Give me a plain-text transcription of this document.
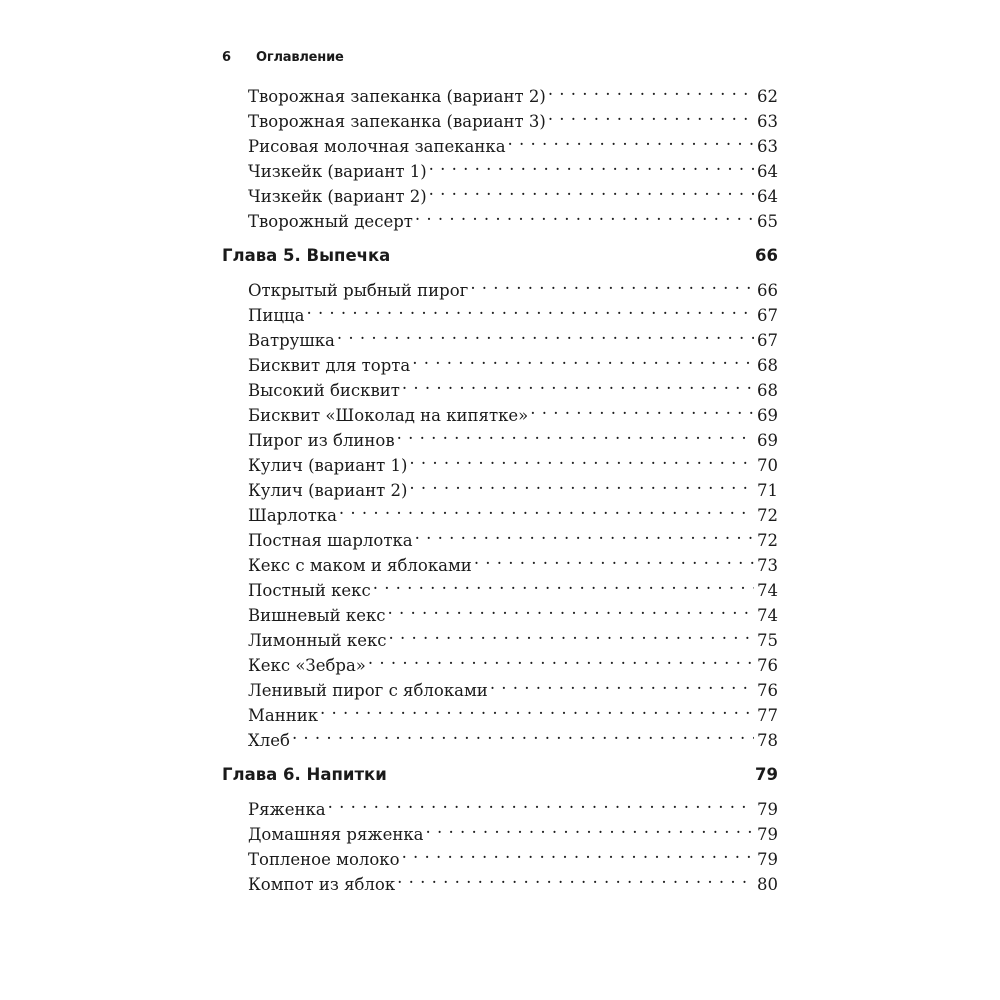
6	Оглавление
Творожная запеканка (вариант 2) . . .	62
Творожная запеканка (вариант 3) . . .	63
Рисовая молочная запеканка . . .	63
Чизкейк (вариант 1) . . .	64
Чизкейк (вариант 2) . . .	64
Творожный десерт . . .	65
Глава 5. Выпечка . . .	66
Открытый рыбный пирог . . .	66
Пицца . . .	67
Ватрушка . . .	67
Бисквит для торта . . .	68
Высокий бисквит . . .	68
Бисквит «Шоколад на кипятке» . . .	69
Пирог из блинов . . .	69
Кулич (вариант 1) . . .	70
Кулич (вариант 2) . . .	71
Шарлотка . . .	72
Постная шарлотка . . .	72
Кекс с маком и яблоками . . .	73
Постный кекс . . .	74
Вишневый кекс . . .	74
Лимонный кекс . . .	75
Кекс «Зебра» . . .	76
Ленивый пирог с яблоками . . .	76
Манник . . .	77
Хлеб . . .	78
Глава 6. Напитки . . .	79
Ряженка . . .	79
Домашняя ряженка . . .	79
Топленое молоко . . .	79
Компот из яблок . . .	80
